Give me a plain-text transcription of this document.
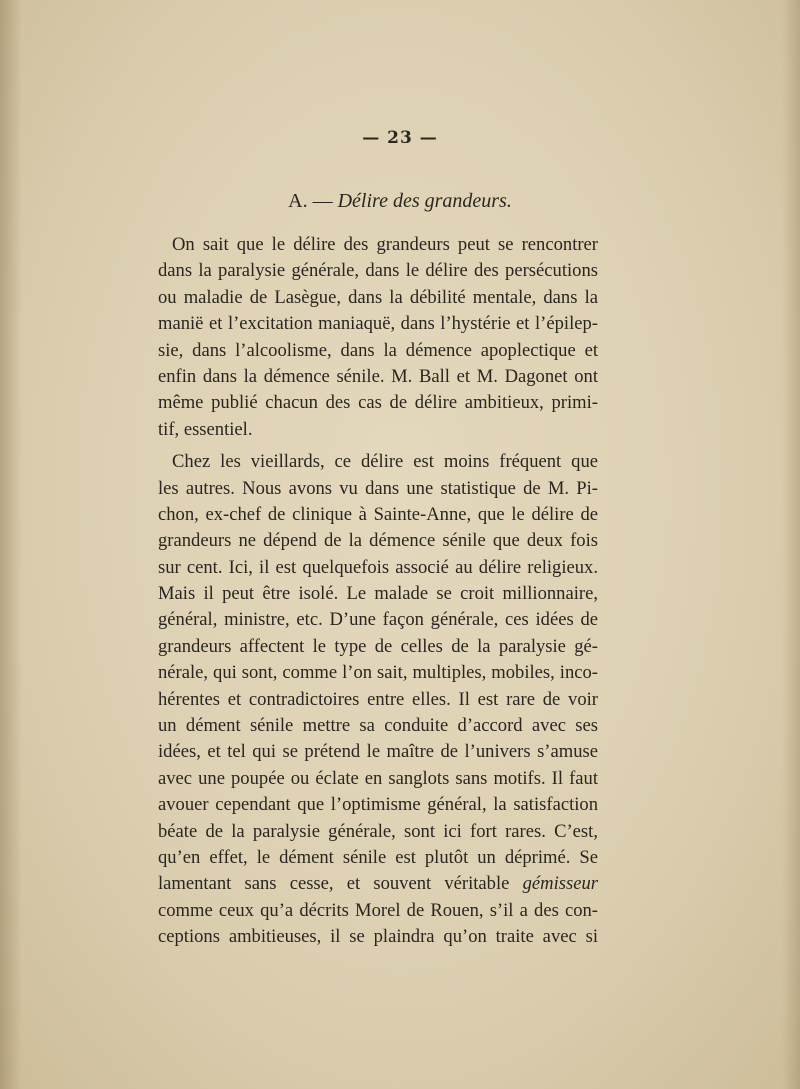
— 23 —
A. — Délire des grandeurs.
On sait que le délire des grandeurs peut se rencontrer
dans la paralysie générale, dans le délire des persécutions
ou maladie de Lasègue, dans la débilité mentale, dans la
manië et l’excitation maniaquë, dans l’hystérie et l’épilep-
sie, dans l’alcoolisme, dans la démence apoplectique et
enfin dans la démence sénile. M. Ball et M. Dagonet ont
même publié chacun des cas de délire ambitieux, primi-
tif, essentiel.
Chez les vieillards, ce délire est moins fréquent que
les autres. Nous avons vu dans une statistique de M. Pi-
chon, ex-chef de clinique à Sainte-Anne, que le délire de
grandeurs ne dépend de la démence sénile que deux fois
sur cent. Ici, il est quelquefois associé au délire religieux.
Mais il peut être isolé. Le malade se croit millionnaire,
général, ministre, etc. D’une façon générale, ces idées de
grandeurs affectent le type de celles de la paralysie gé-
nérale, qui sont, comme l’on sait, multiples, mobiles, inco-
hérentes et contradictoires entre elles. Il est rare de voir
un dément sénile mettre sa conduite d’accord avec ses
idées, et tel qui se prétend le maître de l’univers s’amuse
avec une poupée ou éclate en sanglots sans motifs. Il faut
avouer cependant que l’optimisme général, la satisfaction
béate de la paralysie générale, sont ici fort rares. C’est,
qu’en effet, le dément sénile est plutôt un déprimé. Se
lamentant sans cesse, et souvent véritable gémisseur
comme ceux qu’a décrits Morel de Rouen, s’il a des con-
ceptions ambitieuses, il se plaindra qu’on traite avec si
